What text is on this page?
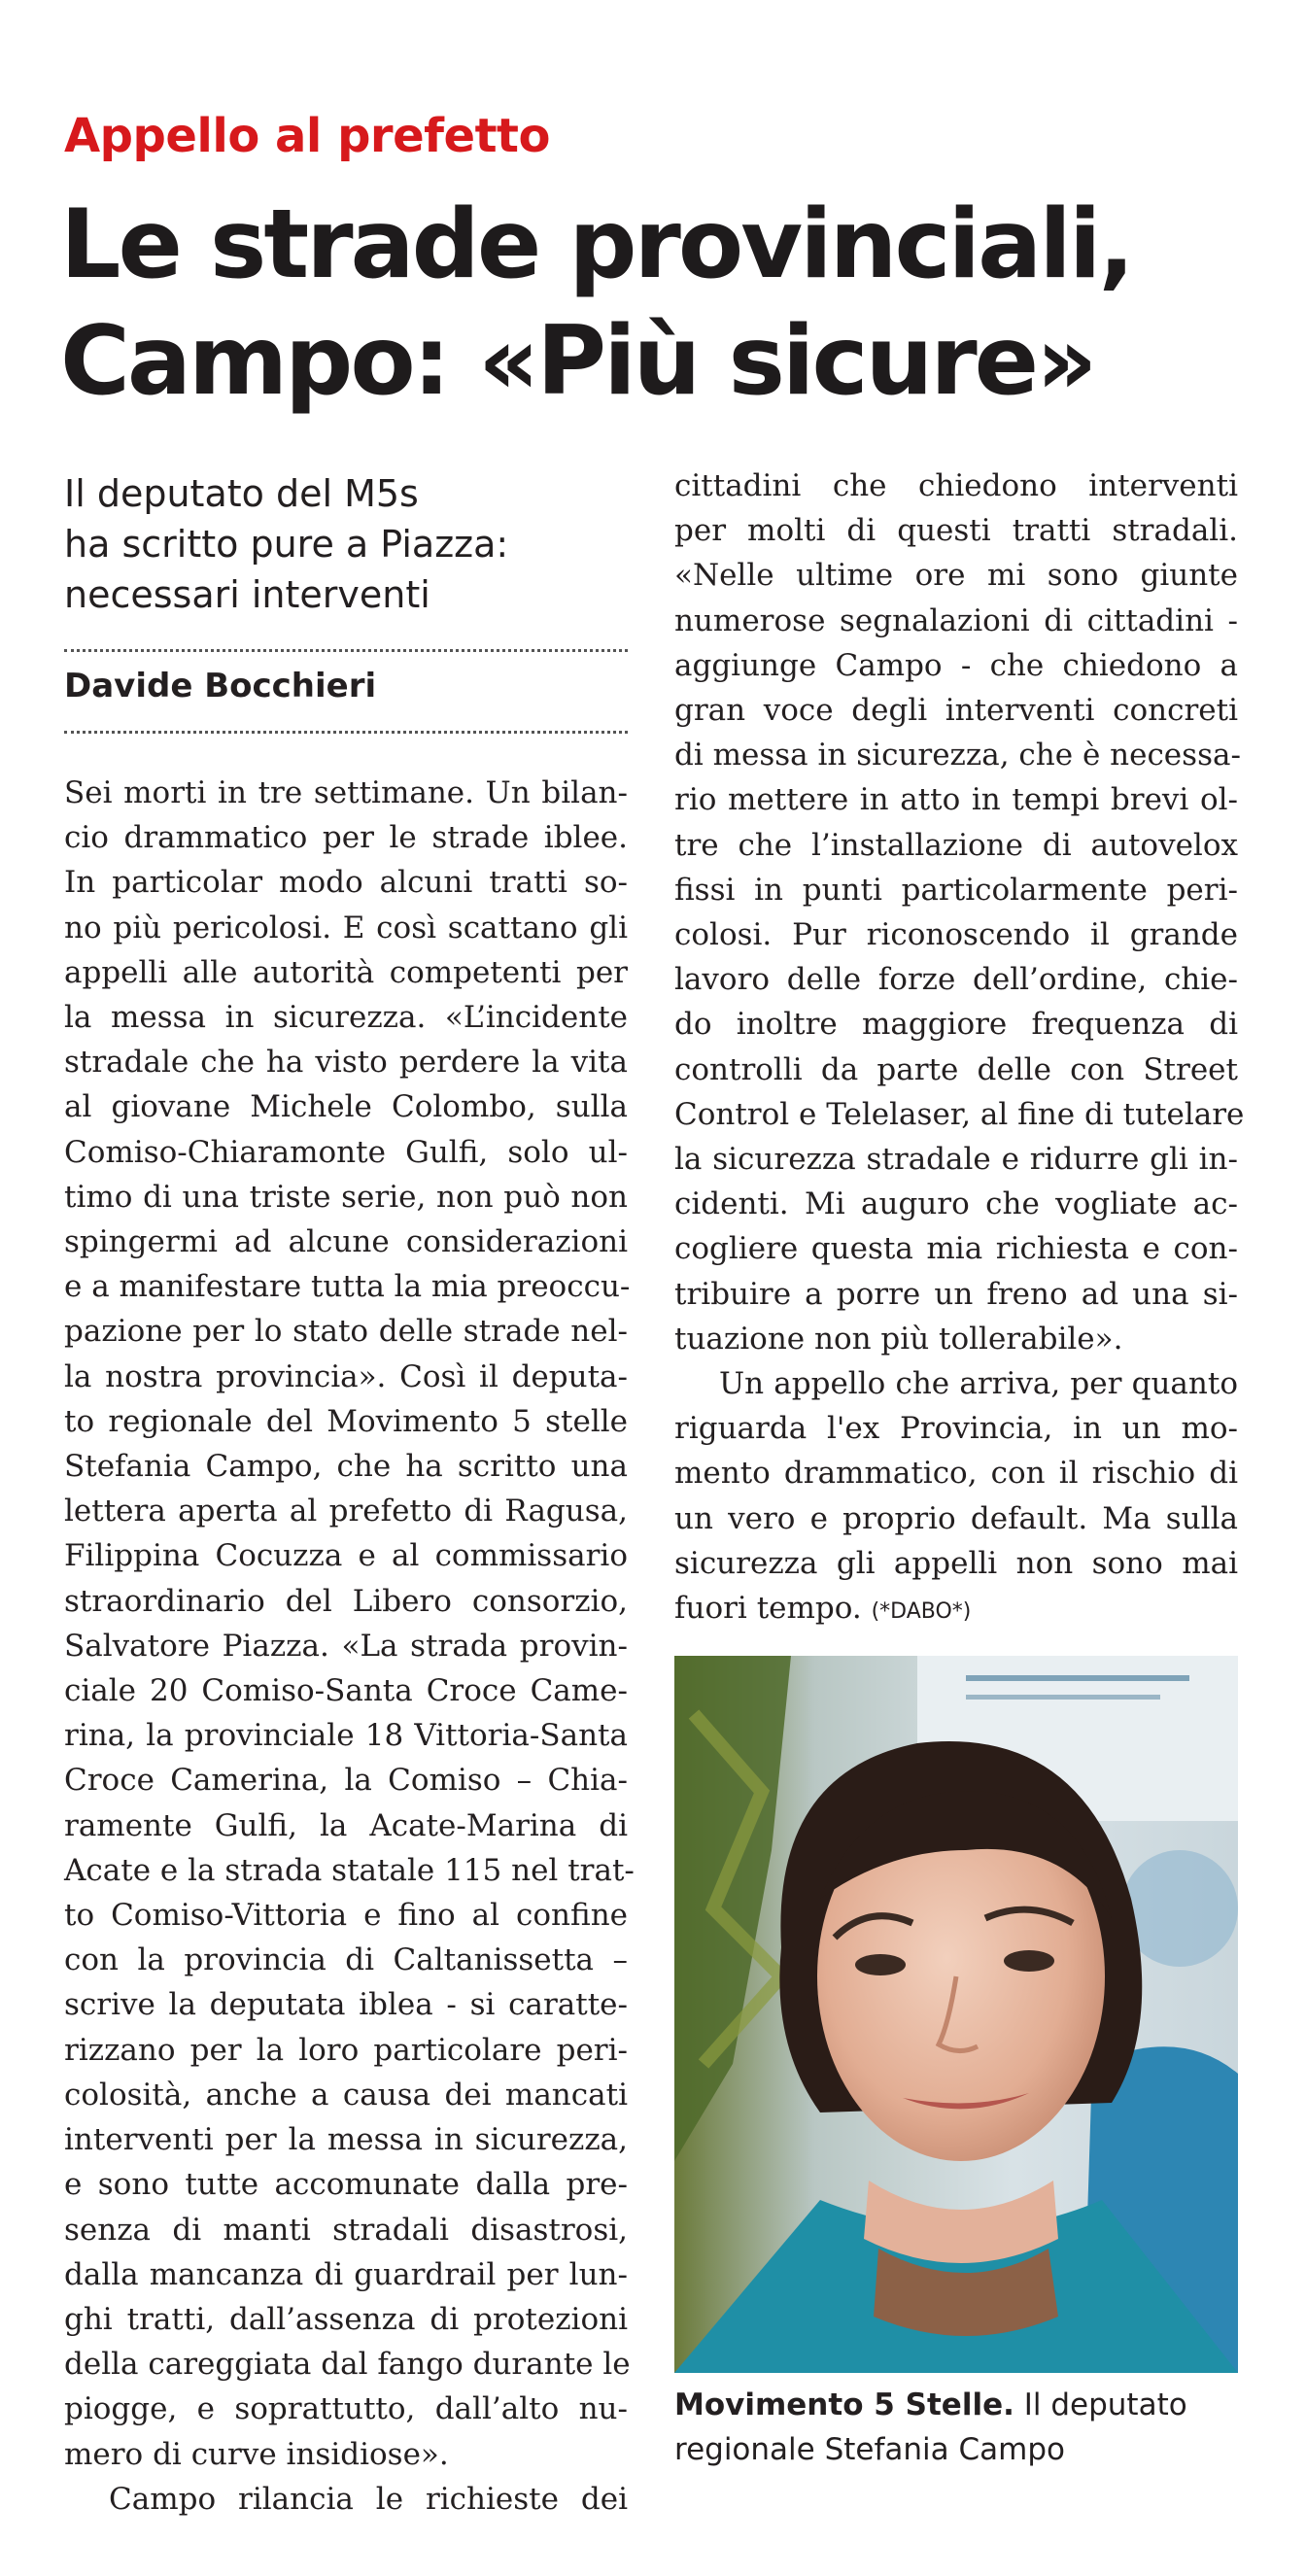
Appello al prefetto
Le strade provinciali,
Campo: «Più sicure»
Il deputato del M5s
ha scritto pure a Piazza:
necessari interventi
Davide Bocchieri
Sei morti in tre settimane. Un bilan-
cio drammatico per le strade iblee.
In particolar modo alcuni tratti so-
no più pericolosi. E così scattano gli
appelli alle autorità competenti per
la messa in sicurezza. «L’incidente
stradale che ha visto perdere la vita
al giovane Michele Colombo, sulla
Comiso-Chiaramonte Gulfi, solo ul-
timo di una triste serie, non può non
spingermi ad alcune considerazioni
e a manifestare tutta la mia preoccu-
pazione per lo stato delle strade nel-
la nostra provincia». Così il deputa-
to regionale del Movimento 5 stelle
Stefania Campo, che ha scritto una
lettera aperta al prefetto di Ragusa,
Filippina Cocuzza e al commissario
straordinario del Libero consorzio,
Salvatore Piazza. «La strada provin-
ciale 20 Comiso-Santa Croce Came-
rina, la provinciale 18 Vittoria-Santa
Croce Camerina, la Comiso – Chia-
ramente Gulfi, la Acate-Marina di
Acate e la strada statale 115 nel trat-
to Comiso-Vittoria e fino al confine
con la provincia di Caltanissetta –
scrive la deputata iblea - si caratte-
rizzano per la loro particolare peri-
colosità, anche a causa dei mancati
interventi per la messa in sicurezza,
e sono tutte accomunate dalla pre-
senza di manti stradali disastrosi,
dalla mancanza di guardrail per lun-
ghi tratti, dall’assenza di protezioni
della careggiata dal fango durante le
piogge, e soprattutto, dall’alto nu-
mero di curve insidiose».
Campo rilancia le richieste dei
cittadini che chiedono interventi
per molti di questi tratti stradali.
«Nelle ultime ore mi sono giunte
numerose segnalazioni di cittadini -
aggiunge Campo - che chiedono a
gran voce degli interventi concreti
di messa in sicurezza, che è necessa-
rio mettere in atto in tempi brevi ol-
tre che l’installazione di autovelox
fissi in punti particolarmente peri-
colosi. Pur riconoscendo il grande
lavoro delle forze dell’ordine, chie-
do inoltre maggiore frequenza di
controlli da parte delle con Street
Control e Telelaser, al fine di tutelare
la sicurezza stradale e ridurre gli in-
cidenti. Mi auguro che vogliate ac-
cogliere questa mia richiesta e con-
tribuire a porre un freno ad una si-
tuazione non più tollerabile».
Un appello che arriva, per quanto
riguarda l'ex Provincia, in un mo-
mento drammatico, con il rischio di
un vero e proprio default. Ma sulla
sicurezza gli appelli non sono mai
fuori tempo. (*DABO*)
Movimento 5 Stelle. Il deputato
regionale Stefania Campo
